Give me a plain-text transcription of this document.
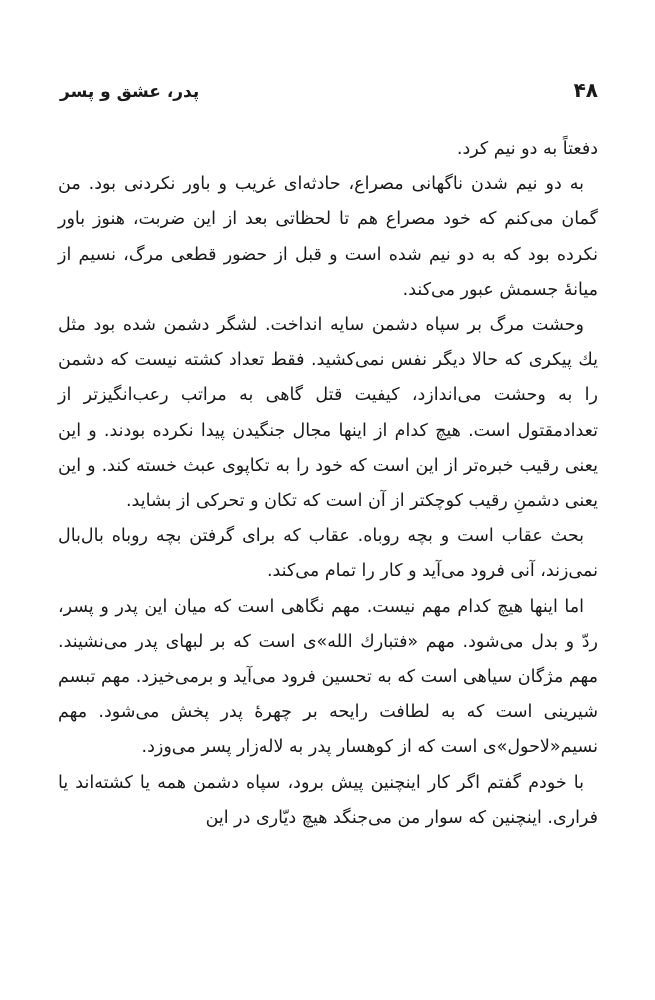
۴۸
پدر، عشق و پسر

دفعتاً به دو نیم کرد.

به دو نیم شدن ناگهانی مصراع، حادثه‌ای غریب و باور نکردنی بود. من گمان می‌کنم که خود مصراع هم تا لحظاتی بعد از این ضربت، هنوز باور نکرده بود که به دو نیم شده است و قبل از حضور قطعی مرگ، نسیم از میانهٔ جسمش عبور می‌کند.

وحشت مرگ بر سپاه دشمن سایه انداخت. لشگر دشمن شده بود مثل یك پیکری که حالا دیگر نفس نمی‌کشید. فقط تعداد کشته نیست که دشمن را به وحشت می‌اندازد، کیفیت قتل گاهی به مراتب رعب‌انگیزتر از تعدادمقتول است. هیچ کدام از اینها مجال جنگیدن پیدا نکرده بودند. و این یعنی رقیب خبره‌تر از این است که خود را به تکاپوی عبث خسته کند. و این یعنی دشمنِ رقیب کوچکتر از آن است که تکان و تحرکی از بشاید.

بحث عقاب است و بچه روباه. عقاب که برای گرفتن بچه روباه بال‌بال نمی‌زند، آنی فرود می‌آید و کار را تمام می‌کند.

اما اینها هیچ کدام مهم نیست. مهم نگاهی است که میان این پدر و پسر، ردّ و بدل می‌شود. مهم «فتبارك الله»ی است که بر لبهای پدر می‌نشیند. مهم مژگان سیاهی است که به تحسین فرود می‌آید و برمی‌خیزد. مهم تبسم شیرینی است که به لطافت رایحه بر چهرهٔ پدر پخش می‌شود. مهم نسیم«لاحول»ی است که از کوهسار پدر به لاله‌زار پسر می‌وزد.

با خودم گفتم اگر کار اینچنین پیش برود، سپاه دشمن همه یا کشته‌اند یا فراری. اینچنین که سوار من می‌جنگد هیچ دیّاری در این
